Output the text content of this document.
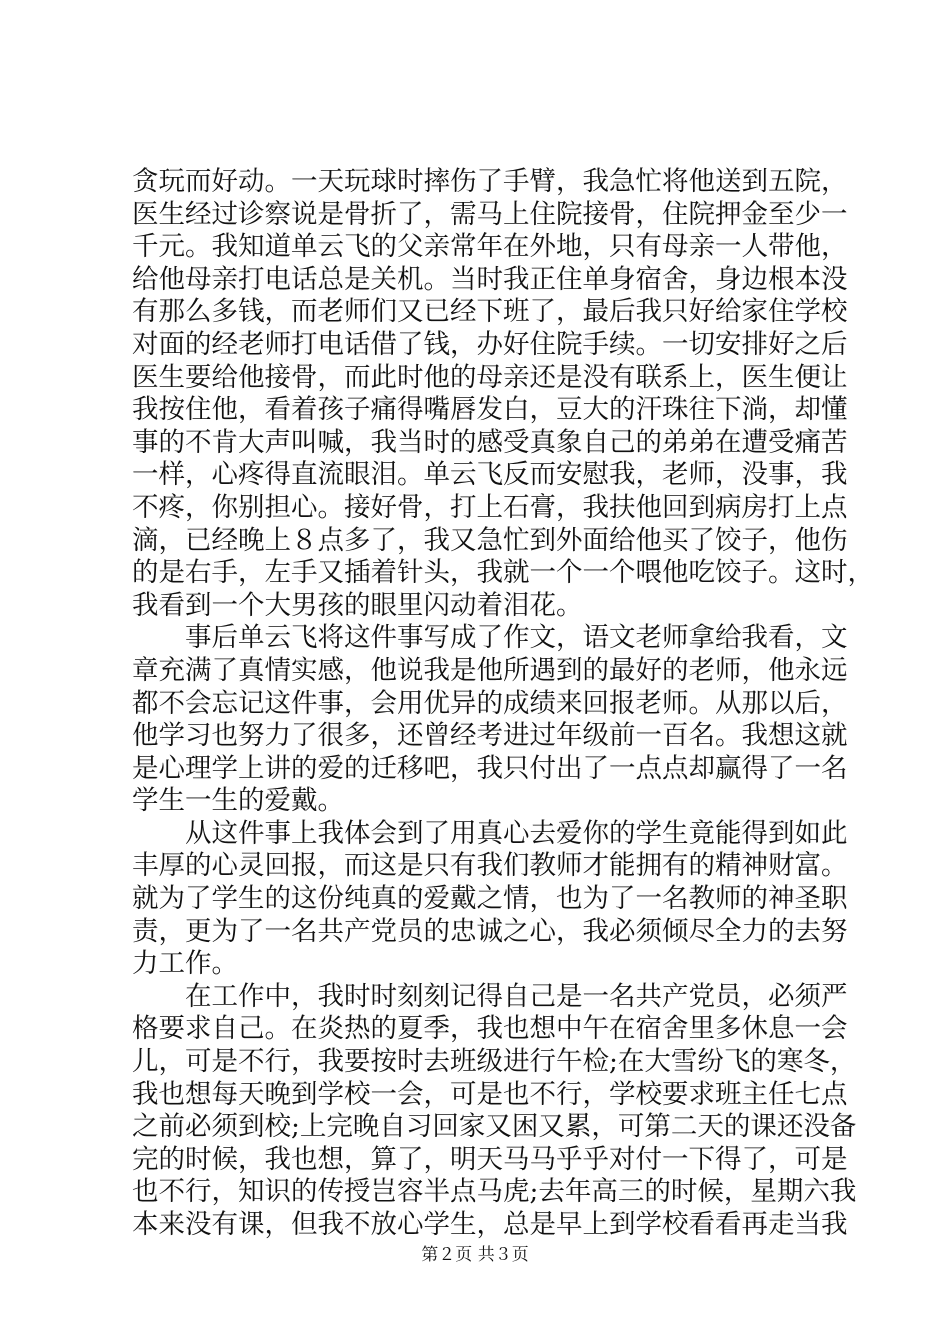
贪玩而好动。一天玩球时摔伤了手臂，我急忙将他送到五院，
医生经过诊察说是骨折了，需马上住院接骨，住院押金至少一
千元。我知道单云飞的父亲常年在外地，只有母亲一人带他，
给他母亲打电话总是关机。当时我正住单身宿舍，身边根本没
有那么多钱，而老师们又已经下班了，最后我只好给家住学校
对面的经老师打电话借了钱，办好住院手续。一切安排好之后
医生要给他接骨，而此时他的母亲还是没有联系上，医生便让
我按住他，看着孩子痛得嘴唇发白，豆大的汗珠往下淌，却懂
事的不肯大声叫喊，我当时的感受真象自己的弟弟在遭受痛苦
一样，心疼得直流眼泪。单云飞反而安慰我，老师，没事，我
不疼，你别担心。接好骨，打上石膏，我扶他回到病房打上点
滴，已经晚上８点多了，我又急忙到外面给他买了饺子，他伤
的是右手，左手又插着针头，我就一个一个喂他吃饺子。这时，
我看到一个大男孩的眼里闪动着泪花。
　　事后单云飞将这件事写成了作文，语文老师拿给我看，文
章充满了真情实感，他说我是他所遇到的最好的老师，他永远
都不会忘记这件事，会用优异的成绩来回报老师。从那以后，
他学习也努力了很多，还曾经考进过年级前一百名。我想这就
是心理学上讲的爱的迁移吧，我只付出了一点点却赢得了一名
学生一生的爱戴。
　　从这件事上我体会到了用真心去爱你的学生竟能得到如此
丰厚的心灵回报，而这是只有我们教师才能拥有的精神财富。
就为了学生的这份纯真的爱戴之情，也为了一名教师的神圣职
责，更为了一名共产党员的忠诚之心，我必须倾尽全力的去努
力工作。
　　在工作中，我时时刻刻记得自己是一名共产党员，必须严
格要求自己。在炎热的夏季，我也想中午在宿舍里多休息一会
儿，可是不行，我要按时去班级进行午检;在大雪纷飞的寒冬，
我也想每天晚到学校一会，可是也不行，学校要求班主任七点
之前必须到校;上完晚自习回家又困又累，可第二天的课还没备
完的时候，我也想，算了，明天马马乎乎对付一下得了，可是
也不行，知识的传授岂容半点马虎;去年高三的时候，星期六我
本来没有课，但我不放心学生，总是早上到学校看看再走当我
第２页 共３页
